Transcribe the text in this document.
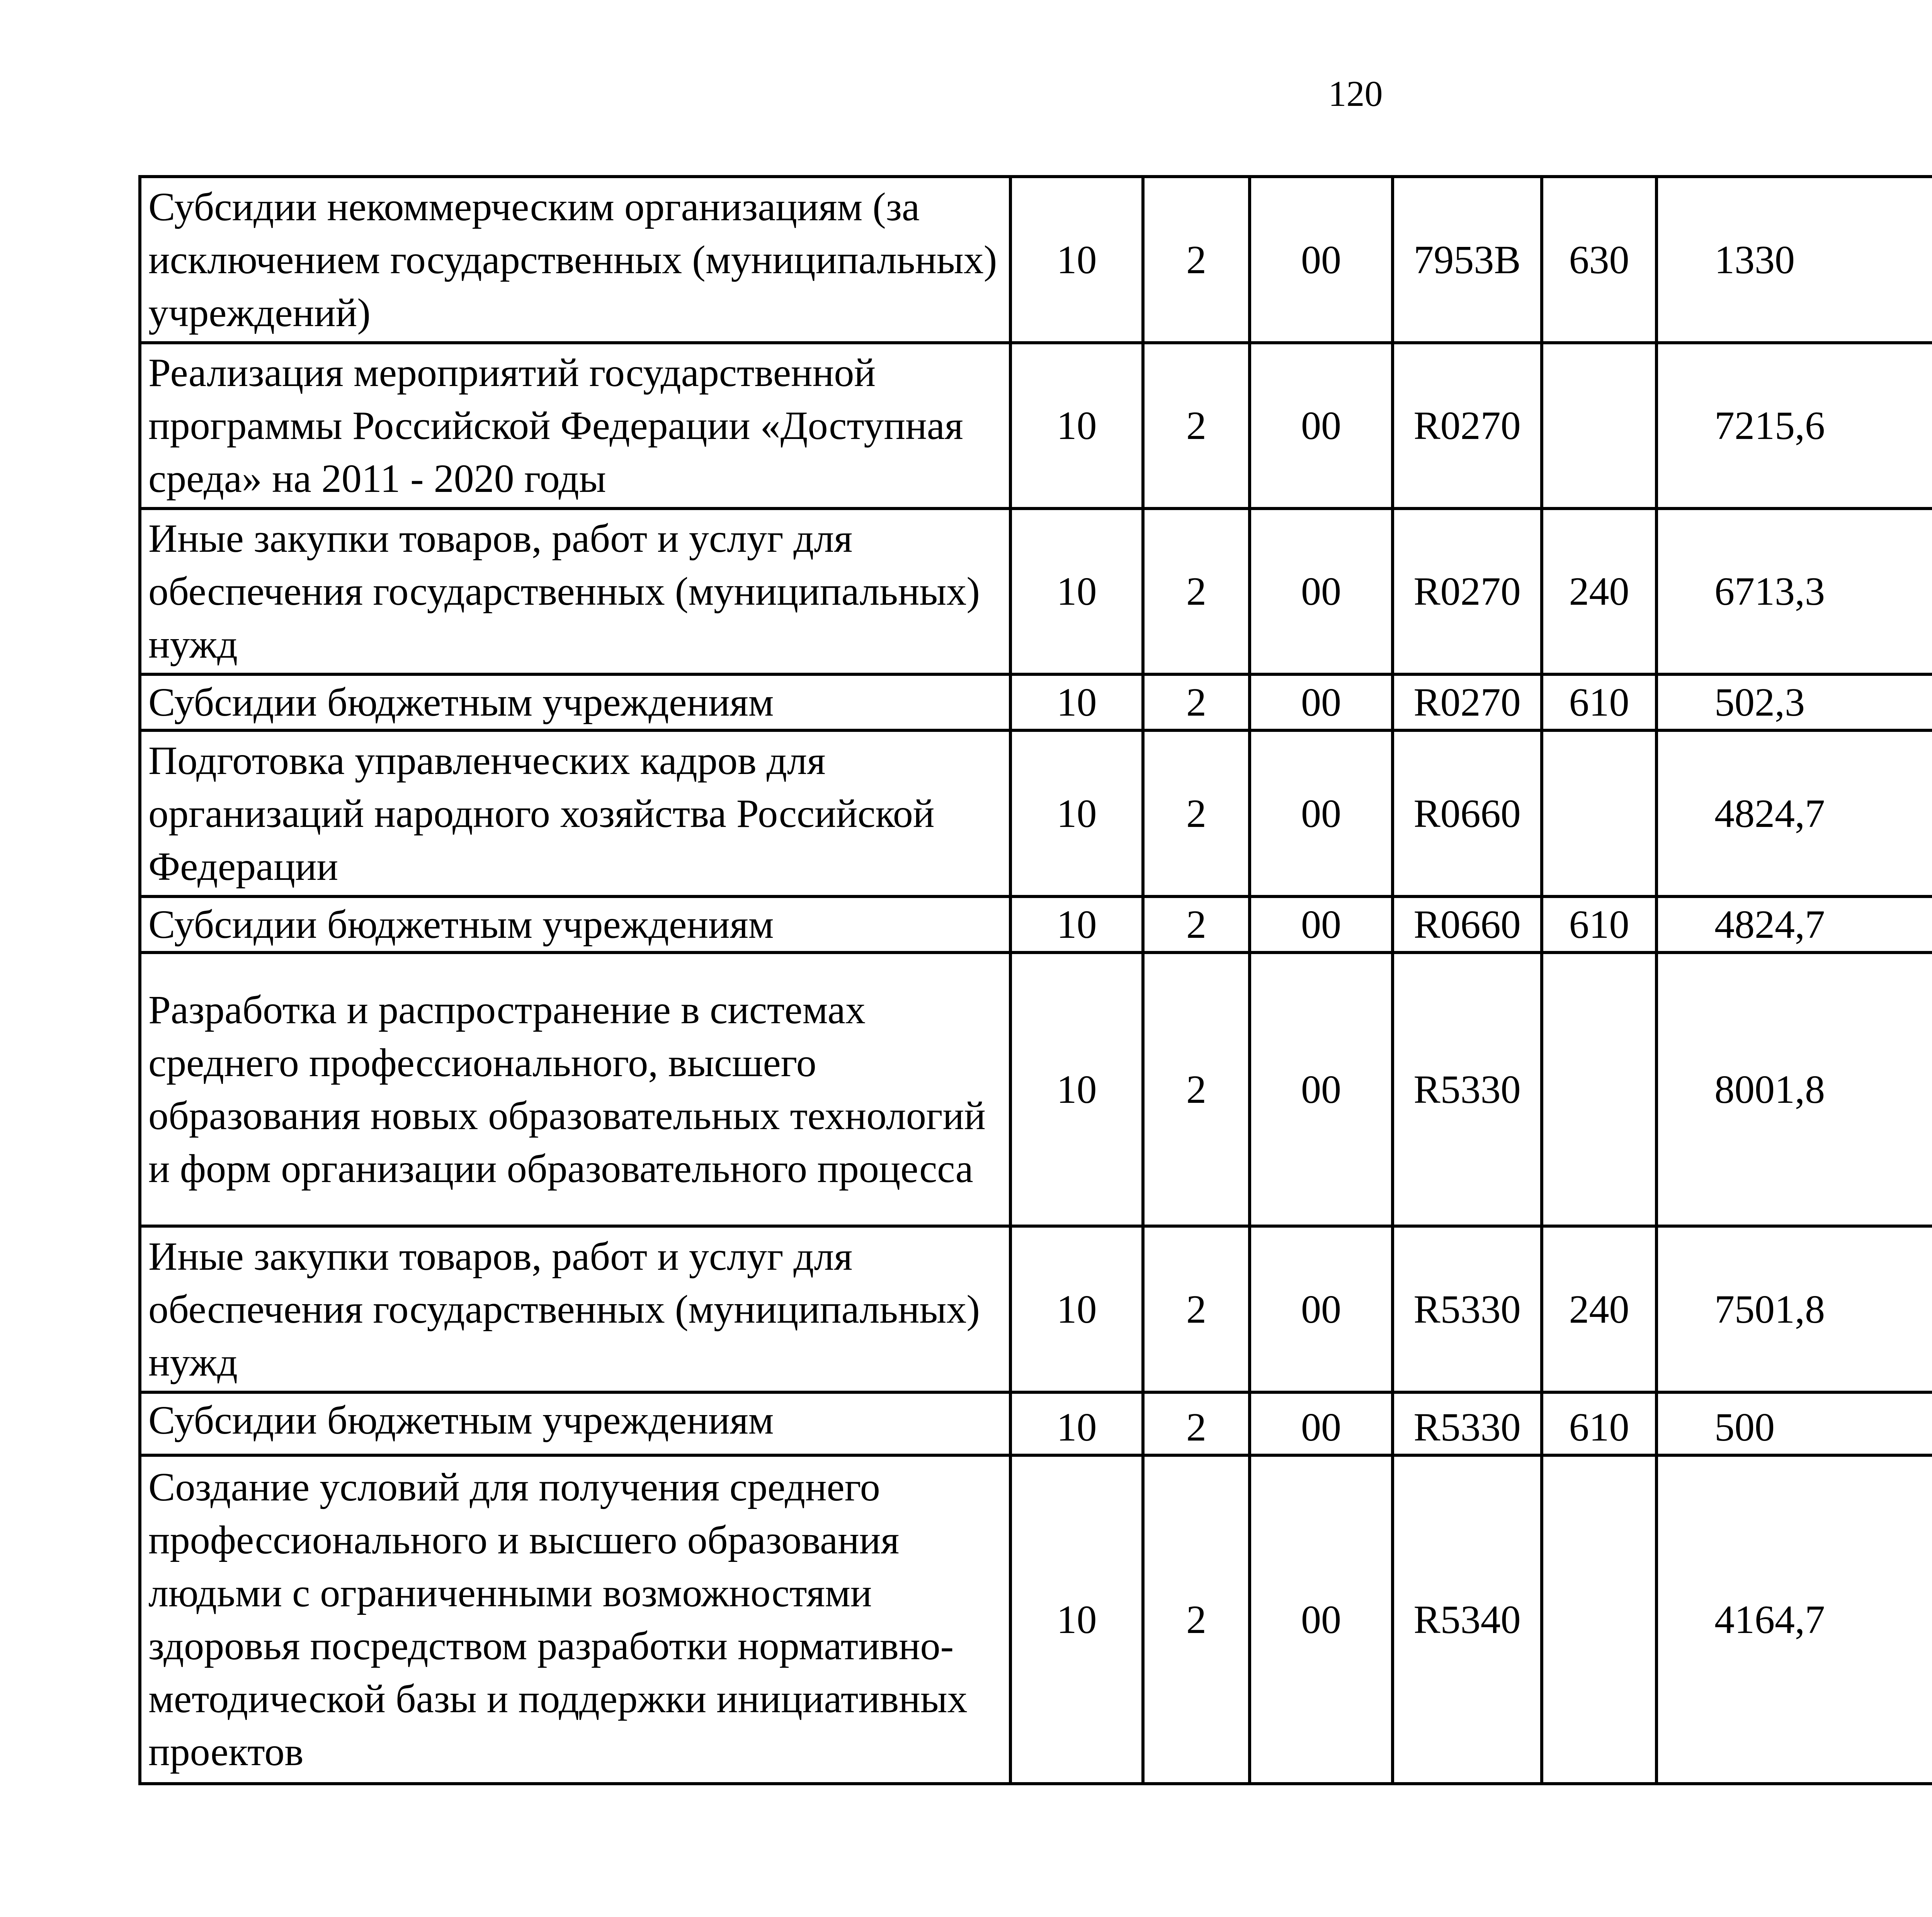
120
Субсидии некоммерческим организациям (за исключением государственных (муниципальных) учреждений)	10	2	00	7953B	630	1330		
Реализация мероприятий государственной программы Российской Федерации «Доступная среда» на 2011 - 2020 годы	10	2	00	R0270		7215,6		
Иные закупки товаров, работ и услуг для обеспечения государственных (муниципальных) нужд	10	2	00	R0270	240	6713,3		
Субсидии бюджетным учреждениям	10	2	00	R0270	610	502,3		
Подготовка управленческих кадров для организаций народного хозяйства Российской Федерации	10	2	00	R0660		4824,7		
Субсидии бюджетным учреждениям	10	2	00	R0660	610	4824,7		
Разработка и распространение в системах среднего профессионального, высшего образования новых образовательных технологий и форм организации образовательного процесса	10	2	00	R5330		8001,8		
Иные закупки товаров, работ и услуг для обеспечения государственных (муниципальных) нужд	10	2	00	R5330	240	7501,8		
Субсидии бюджетным учреждениям	10	2	00	R5330	610	500		
Создание условий для получения среднего профессионального и высшего образования людьми с ограниченными возможностями здоровья посредством разработки нормативно-методической базы и поддержки инициативных проектов	10	2	00	R5340		4164,7		
